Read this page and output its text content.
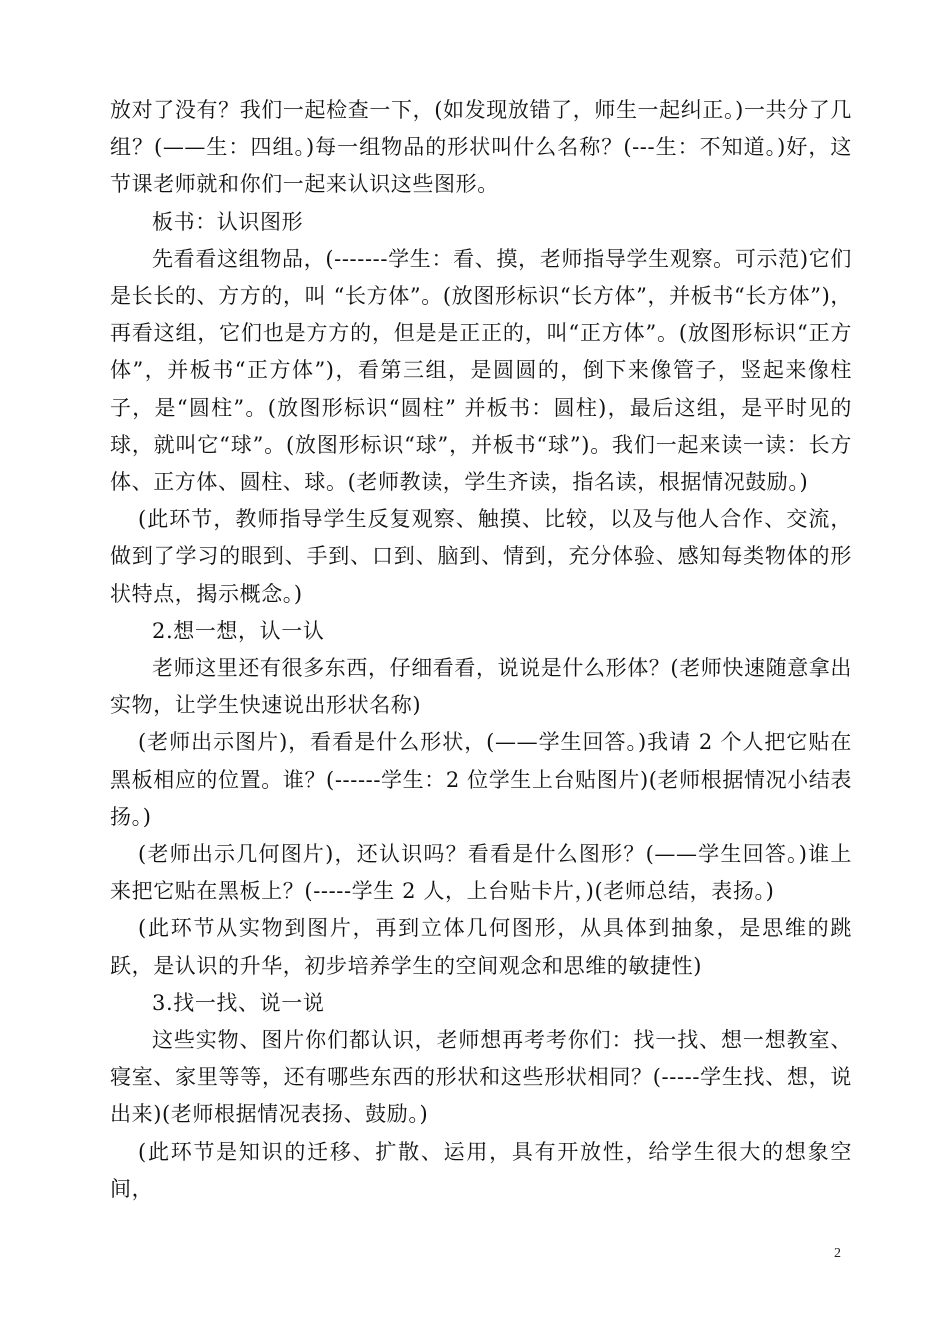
放对了没有？我们一起检查一下，(如发现放错了，师生一起纠正。)一共分了几组？(——生：四组。)每一组物品的形状叫什么名称？(---生：不知道。)好，这节课老师就和你们一起来认识这些图形。

板书：认识图形

先看看这组物品，(-------学生：看、摸，老师指导学生观察。可示范)它们是长长的、方方的，叫 “长方体”。(放图形标识“长方体”，并板书“长方体”)，再看这组，它们也是方方的，但是是正正的，叫“正方体”。(放图形标识“正方体”，并板书“正方体”)，看第三组，是圆圆的，倒下来像管子，竖起来像柱子，是“圆柱”。(放图形标识“圆柱” 并板书：圆柱)，最后这组，是平时见的球，就叫它“球”。(放图形标识“球”，并板书“球”)。我们一起来读一读：长方体、正方体、圆柱、球。(老师教读，学生齐读，指名读，根据情况鼓励。)

(此环节，教师指导学生反复观察、触摸、比较，以及与他人合作、交流，做到了学习的眼到、手到、口到、脑到、情到，充分体验、感知每类物体的形状特点，揭示概念。)

2.想一想，认一认

老师这里还有很多东西，仔细看看，说说是什么形体？(老师快速随意拿出实物，让学生快速说出形状名称)

(老师出示图片)，看看是什么形状，(——学生回答。)我请 2 个人把它贴在黑板相应的位置。谁？(------学生：2 位学生上台贴图片)(老师根据情况小结表扬。)

(老师出示几何图片)，还认识吗？看看是什么图形？(——学生回答。)谁上来把它贴在黑板上？(-----学生 2 人，上台贴卡片，)(老师总结，表扬。)

(此环节从实物到图片，再到立体几何图形，从具体到抽象，是思维的跳跃，是认识的升华，初步培养学生的空间观念和思维的敏捷性)

3.找一找、说一说

这些实物、图片你们都认识，老师想再考考你们：找一找、想一想教室、寝室、家里等等，还有哪些东西的形状和这些形状相同？(-----学生找、想，说出来)(老师根据情况表扬、鼓励。)

(此环节是知识的迁移、扩散、运用，具有开放性，给学生很大的想象空间，

2
